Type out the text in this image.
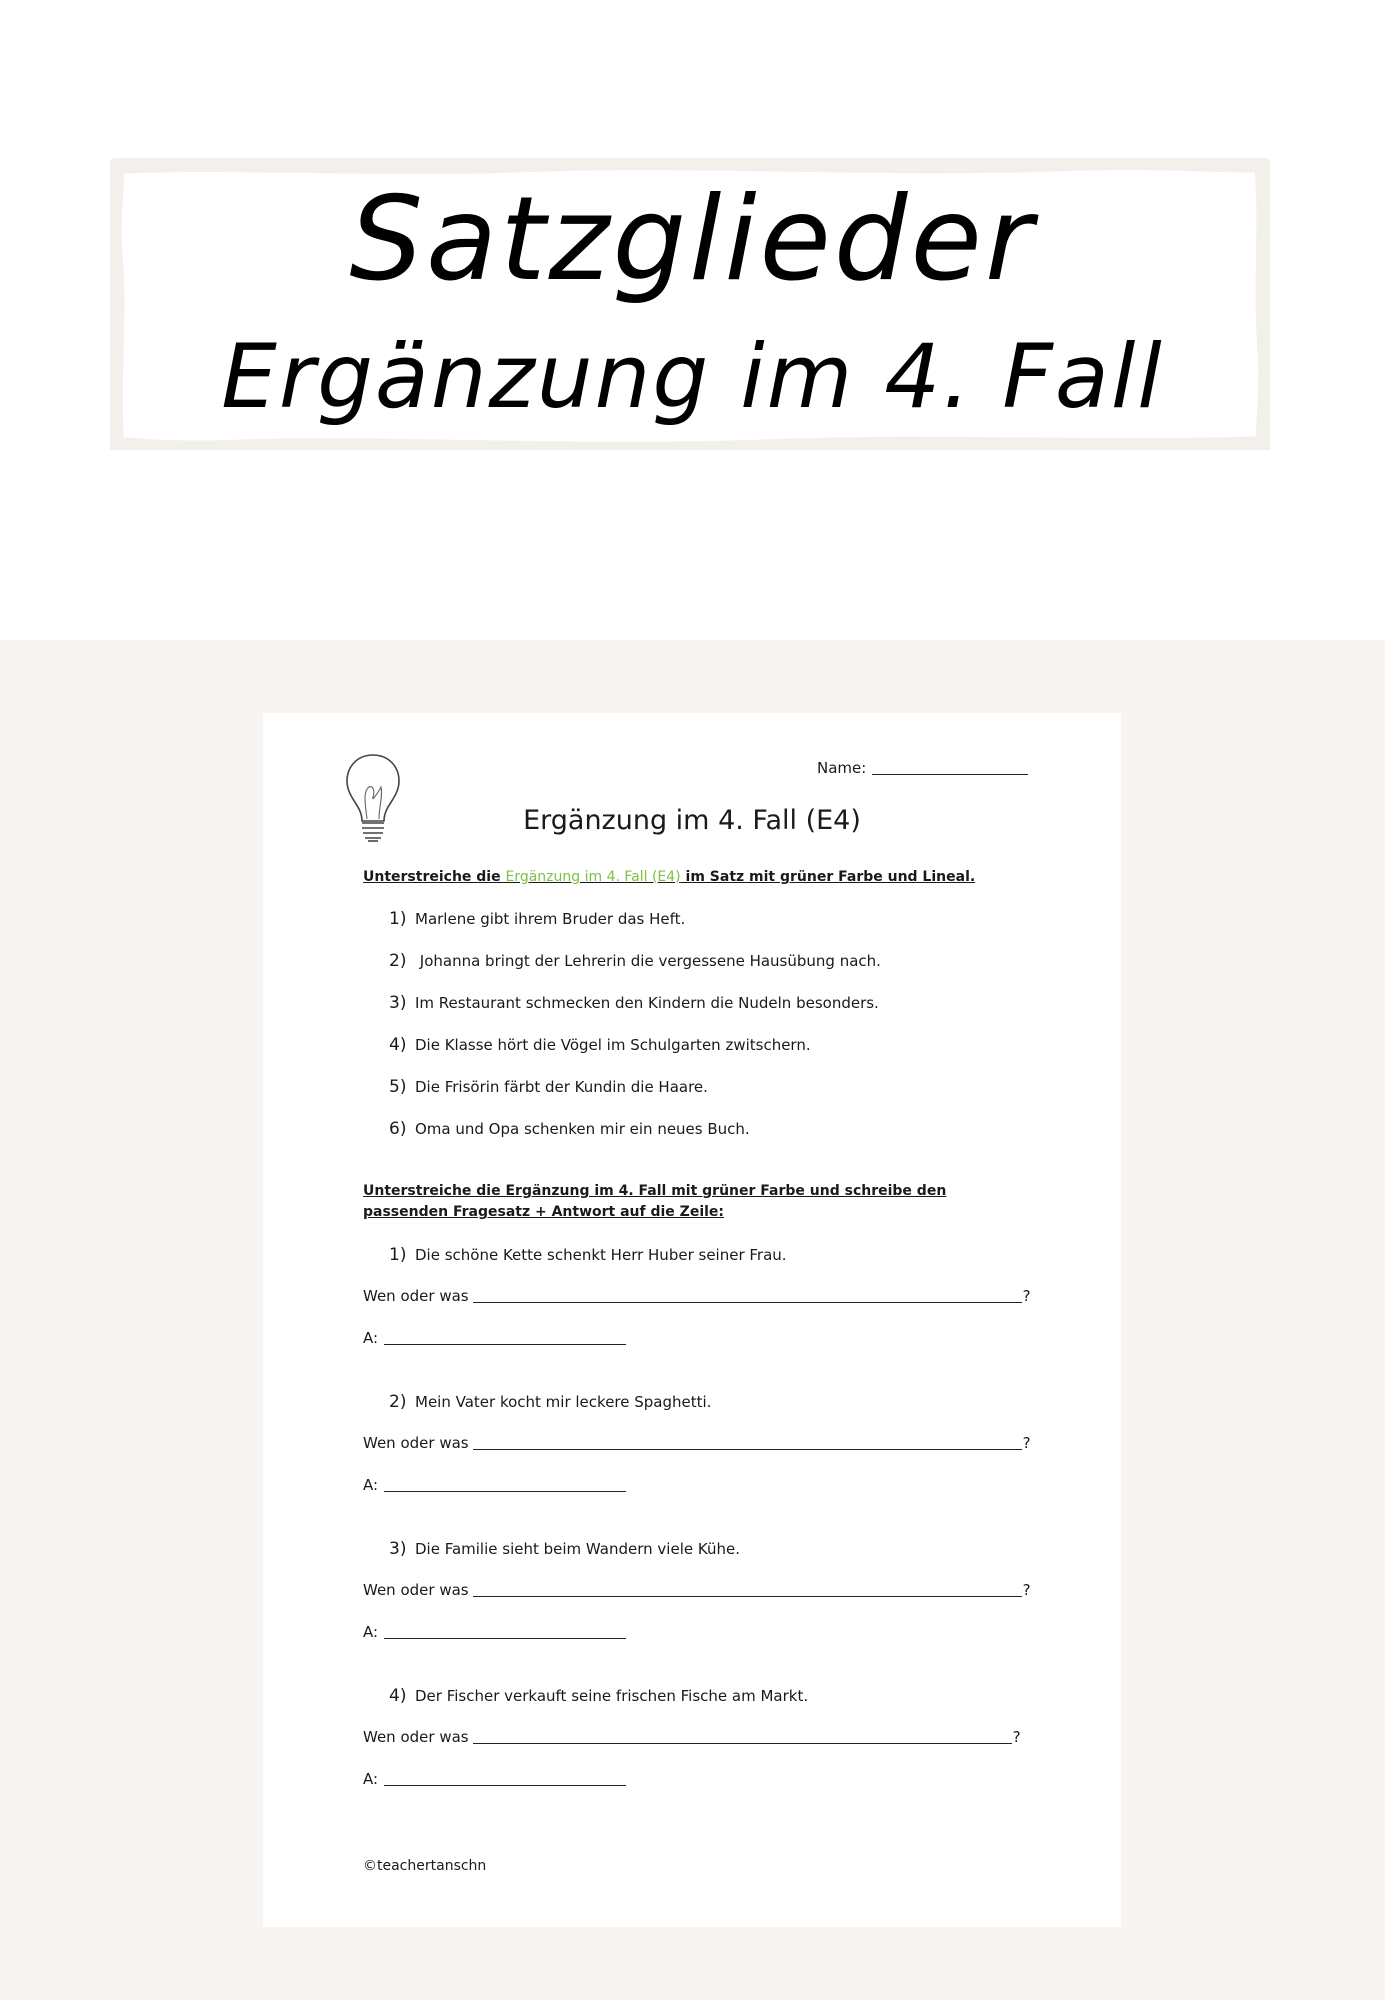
Satzglieder
Ergänzung im 4. Fall
Name:
Ergänzung im 4. Fall (E4)
Unterstreiche die Ergänzung im 4. Fall (E4) im Satz mit grüner Farbe und Lineal.
1) Marlene gibt ihrem Bruder das Heft.
2) Johanna bringt der Lehrerin die vergessene Hausübung nach.
3) Im Restaurant schmecken den Kindern die Nudeln besonders.
4) Die Klasse hört die Vögel im Schulgarten zwitschern.
5) Die Frisörin färbt der Kundin die Haare.
6) Oma und Opa schenken mir ein neues Buch.
Unterstreiche die Ergänzung im 4. Fall mit grüner Farbe und schreibe den passenden Fragesatz + Antwort auf die Zeile:
1) Die schöne Kette schenkt Herr Huber seiner Frau.
Wen oder was	?
A:
2) Mein Vater kocht mir leckere Spaghetti.
Wen oder was	?
A:
3) Die Familie sieht beim Wandern viele Kühe.
Wen oder was	?
A:
4) Der Fischer verkauft seine frischen Fische am Markt.
Wen oder was	?
A:
©teachertanschn
